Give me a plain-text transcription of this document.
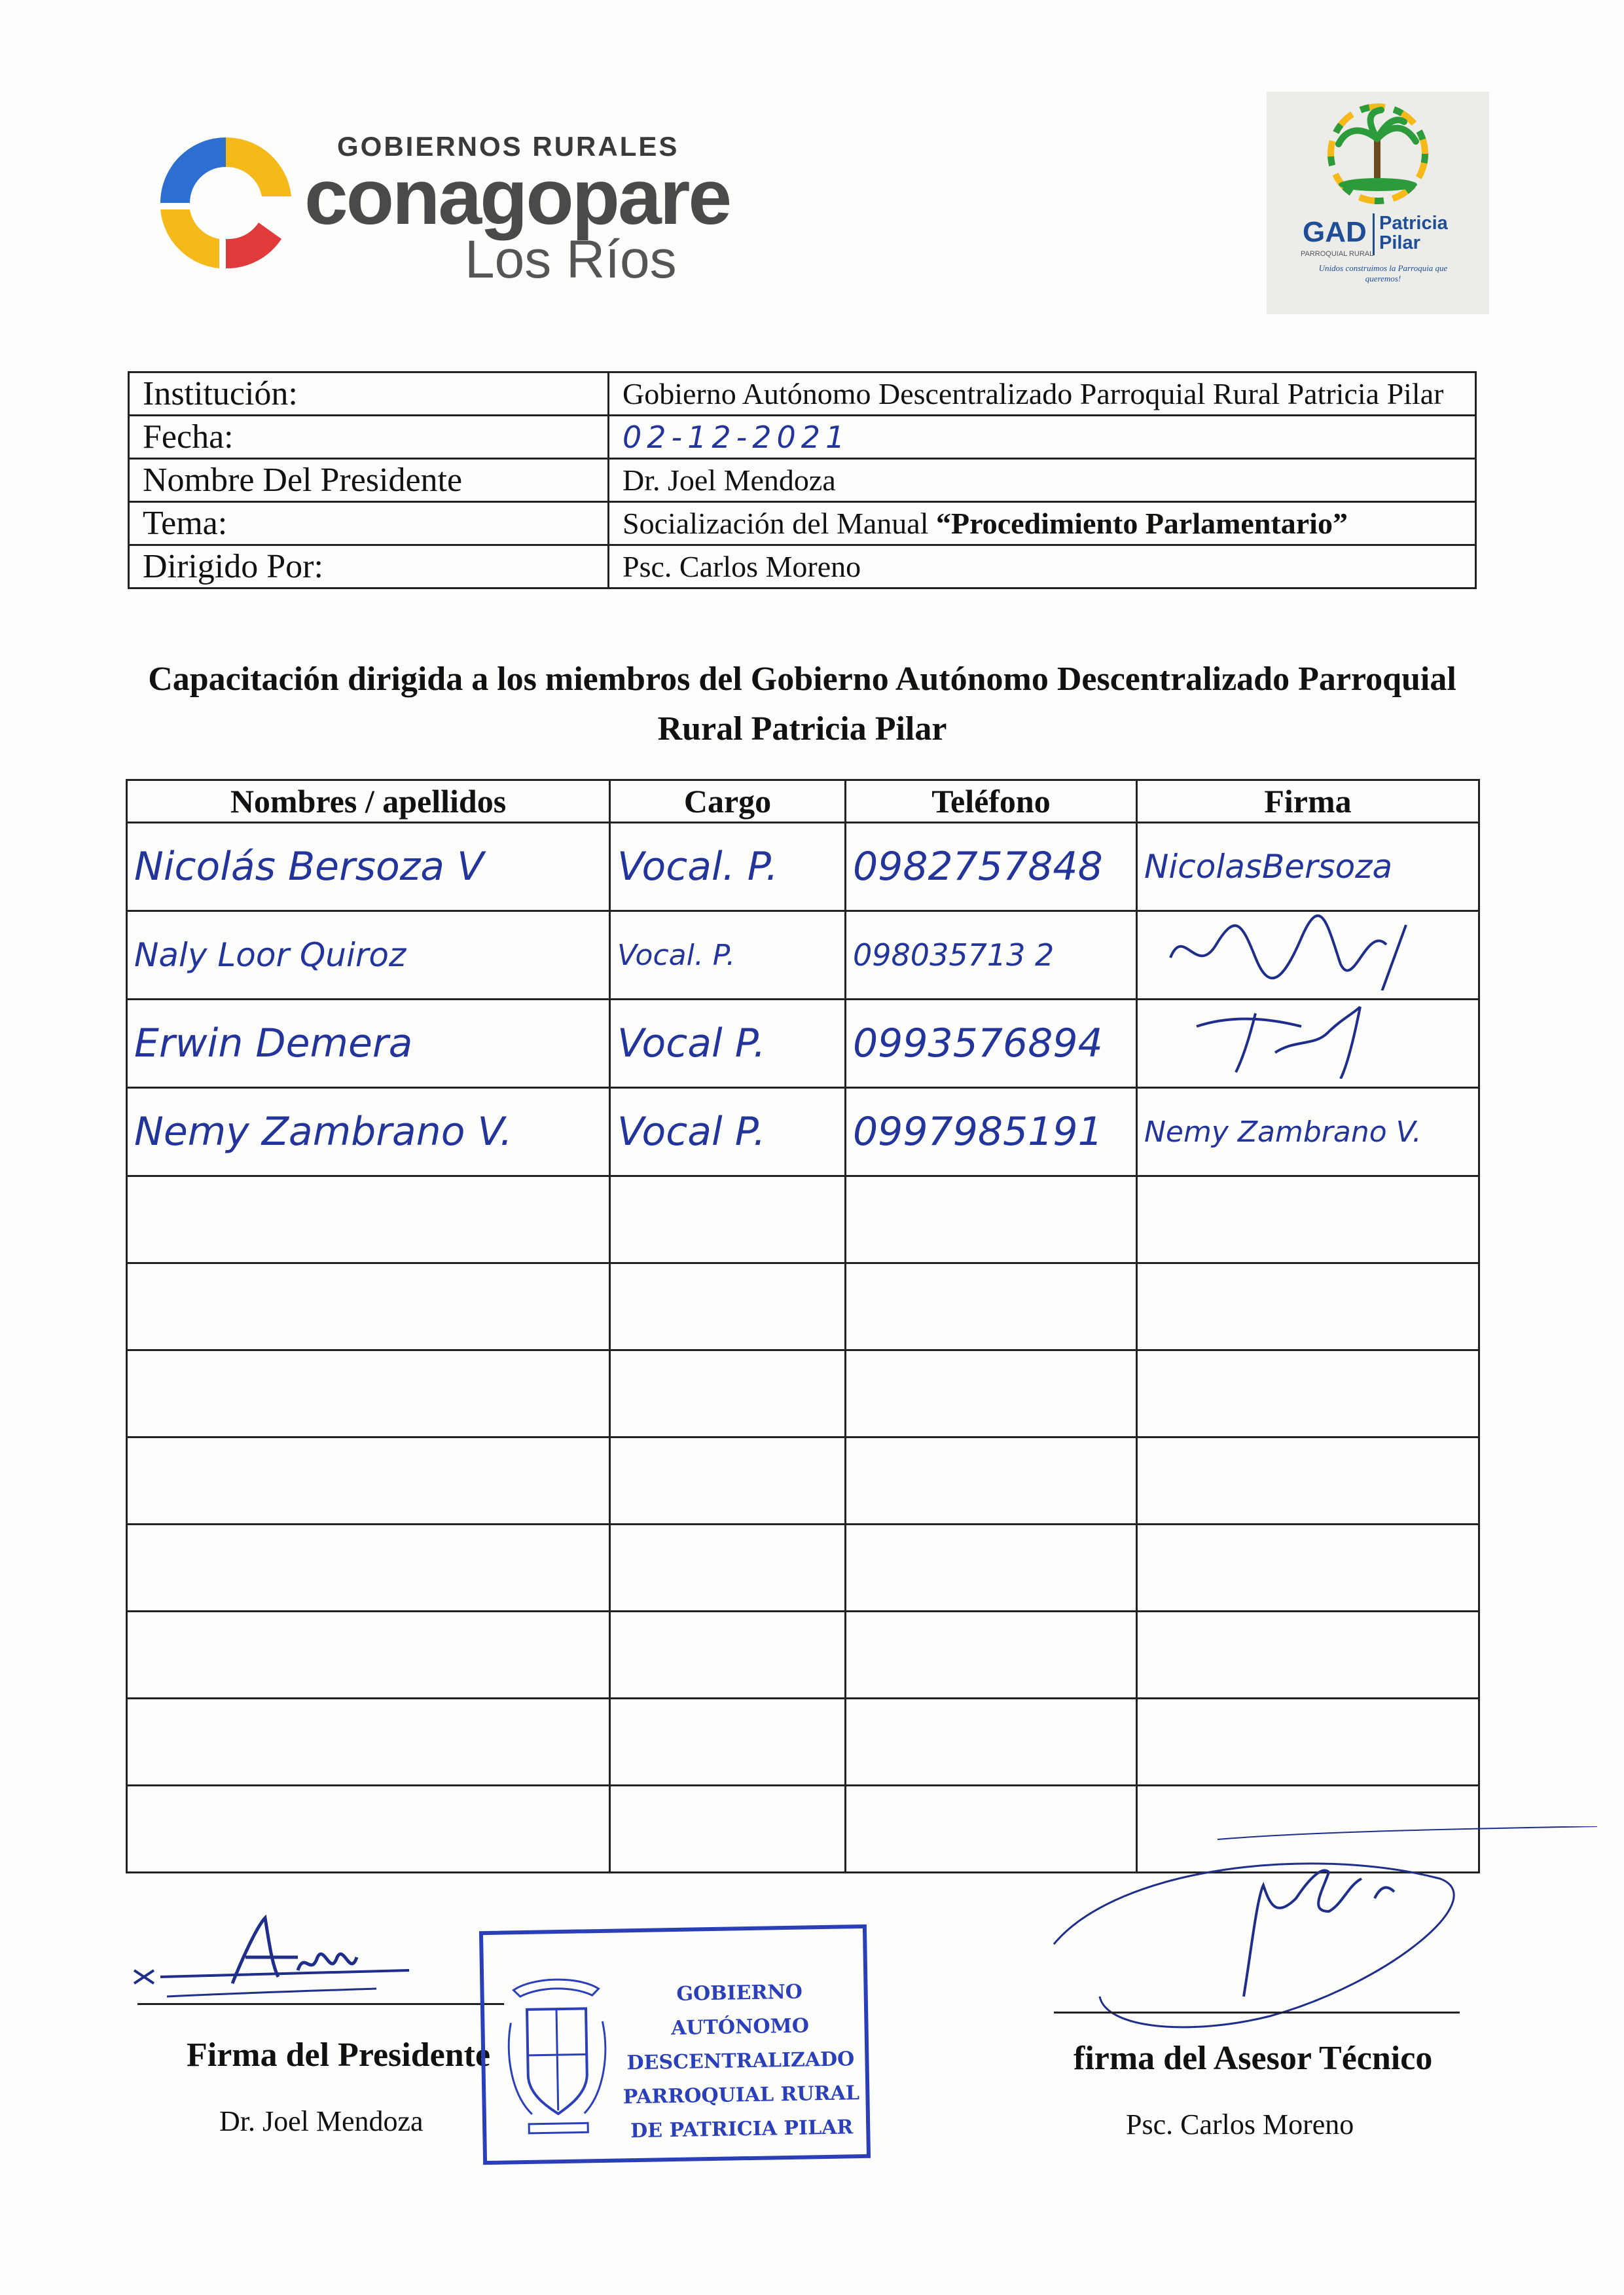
GOBIERNOS RURALES
conagopare
Los Ríos	GAD Patricia
Pilar
PARROQUIAL RURAL
Unidos construimos la Parroquia que queremos!
Institución:	Gobierno Autónomo Descentralizado Parroquial Rural Patricia Pilar
Fecha:	02-12-2021
Nombre Del Presidente	Dr. Joel Mendoza
Tema:	Socialización del Manual “Procedimiento Parlamentario”
Dirigido Por:	Psc. Carlos Moreno
Capacitación dirigida a los miembros del Gobierno Autónomo Descentralizado Parroquial
Rural Patricia Pilar
Nombres / apellidos	Cargo	Teléfono	Firma
Nicolás Bersoza V	Vocal. P.	0982757848	NicolasBersoza
Naly Loor Quiroz	Vocal. P.	098035713 2	
Erwin Demera	Vocal P.	0993576894	
Nemy Zambrano V.	Vocal P.	0997985191	Nemy Zambrano V.

Firma del Presidente
Dr. Joel Mendoza
GOBIERNO AUTÓNOMO
DESCENTRALIZADO
PARROQUIAL RURAL
DE PATRICIA PILAR
firma del Asesor Técnico
Psc. Carlos Moreno
